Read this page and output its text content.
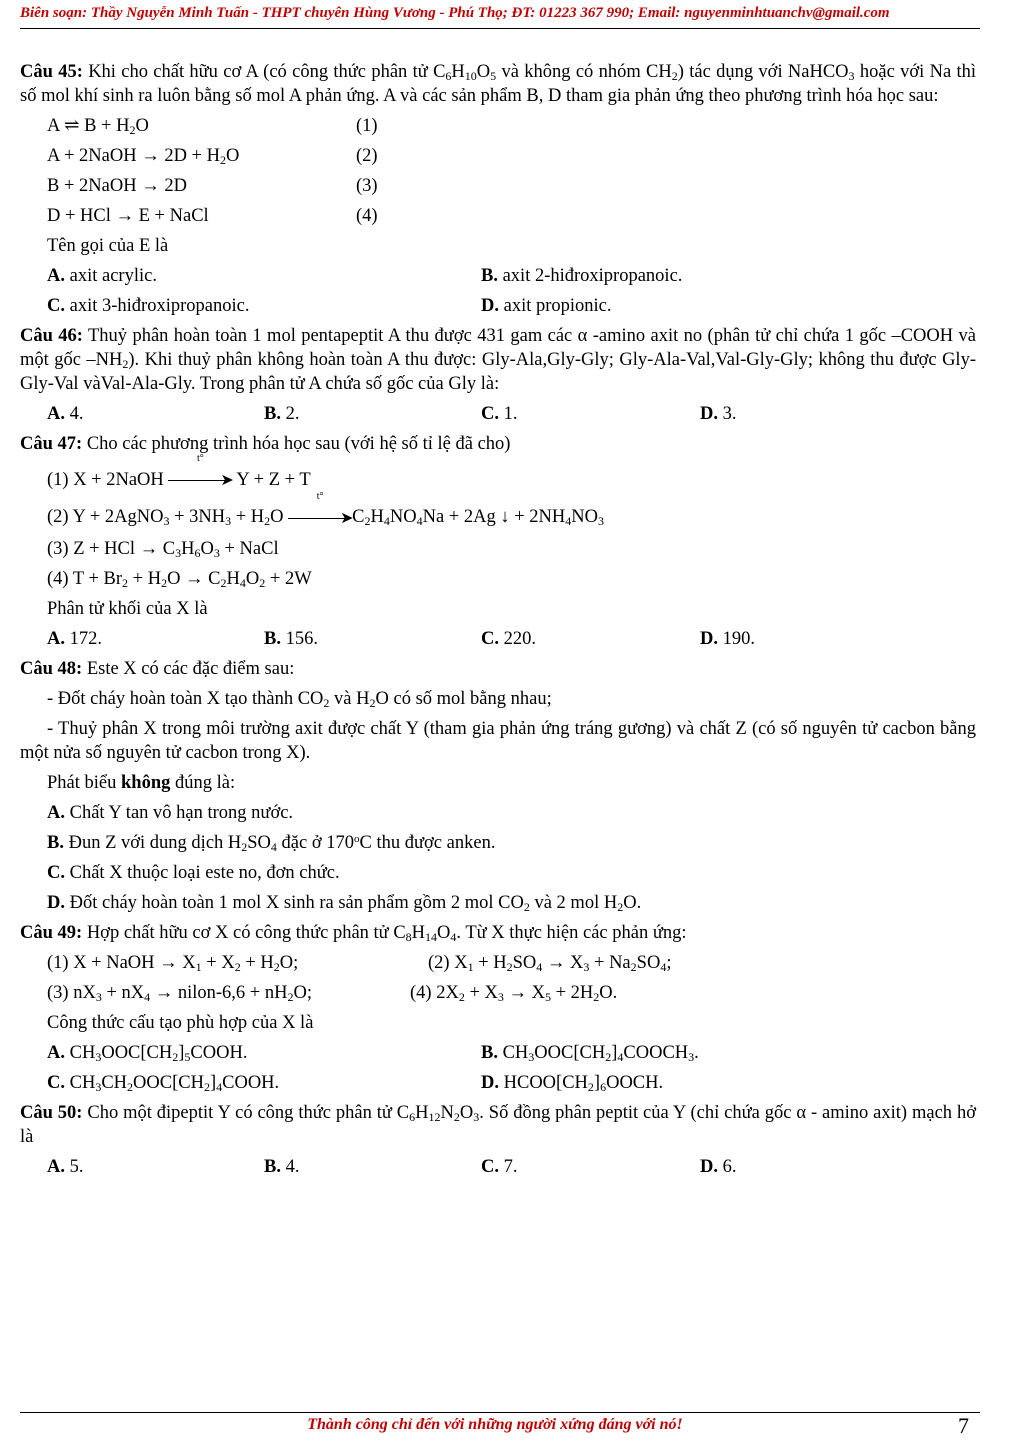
Biên soạn: Thầy Nguyễn Minh Tuấn - THPT chuyên Hùng Vương - Phú Thọ; ĐT: 01223 367 990; Email: nguyenminhtuanchv@gmail.com
Câu 45: Khi cho chất hữu cơ A (có công thức phân tử $C_6H_{10}O_5$ và không có nhóm $CH_2$) tác dụng với NaHCO$_3$ hoặc với Na thì số mol khí sinh ra luôn bằng số mol A phản ứng. A và các sản phẩm B, D tham gia phản ứng theo phương trình hóa học sau:
A ⇌ $B + H_2O$	(1)
A + 2NaOH → $2D + H_2O$	(2)
B + 2NaOH → 2D	(3)
D + HCl → E + NaCl	(4)
Tên gọi của E là
A. axit acrylic.	B. axit 2-hiđroxipropanoic.
C. axit 3-hiđroxipropanoic.	D. axit propionic.
Câu 46: Thuỷ phân hoàn toàn 1 mol pentapeptit A thu được 431 gam các α -amino axit no (phân tử chỉ chứa 1 gốc –COOH và một gốc $-NH_2$). Khi thuỷ phân không hoàn toàn A thu được: Gly-Ala,Gly-Gly; Gly-Ala-Val,Val-Gly-Gly; không thu được Gly-Gly-Val vàVal-Ala-Gly. Trong phân tử A chứa số gốc của Gly là:
A. 4.	B. 2.	C. 1.	D. 3.
Câu 47: Cho các phương trình hóa học sau (với hệ số tỉ lệ đã cho)
(1) X + 2NaOH
t°
➤ Y + Z + T
(2) Y + 2AgNO$_3$ + $3NH_3 + H_2O$
t°
$➤C_2H_4NO_4Na + 2Ag$ ↓ + $2NH_4NO_3$
(3) Z + HCl → $C_3H_6O_3$ + NaCl
(4) $T + Br_2 + H_2O \to C_2H_4O_2 + 2W$
Phân tử khối của X là
A. 172.	B. 156.	C. 220.	D. 190.
Câu 48: Este X có các đặc điểm sau:
- Đốt cháy hoàn toàn X tạo thành $CO_2$ và $H_2O$ có số mol bằng nhau;
- Thuỷ phân X trong môi trường axit được chất Y (tham gia phản ứng tráng gương) và chất Z (có số nguyên tử cacbon bằng một nửa số nguyên tử cacbon trong X).
Phát biểu không đúng là:
A. Chất Y tan vô hạn trong nước.
B. Đun Z với dung dịch $H_2SO_4$ đặc ở 170$^o$C thu được anken.
C. Chất X thuộc loại este no, đơn chức.
D. Đốt cháy hoàn toàn 1 mol X sinh ra sản phẩm gồm 2 mol $CO_2$ và 2 mol $H_2O$.
Câu 49: Hợp chất hữu cơ X có công thức phân tử $C_8H_{14}O_4$. Từ X thực hiện các phản ứng:
(1) X + NaOH → $X_1 + X_2 + H_2O$;	(2) $X_1 + H_2SO_4 \to X_3 + Na_2SO_4$;
(3) $nX_3 + nX_4$ → nilon-6,6 + $nH_2O$;	(4) $2X_2 + X_3 \to X_5 + 2H_2O$.
Công thức cấu tạo phù hợp của X là
A. $CH_3OOC[CH_2]_5COOH$.	B. $CH_3OOC[CH_2]_4COOCH_3$.
C. $CH_3CH_2OOC[CH_2]_4COOH$.	D. $HCOO[CH_2]_6OOCH$.
Câu 50: Cho một đipeptit Y có công thức phân tử $C_6H_{12}N_2O_3$. Số đồng phân peptit của Y (chỉ chứa gốc α - amino axit) mạch hở là
A. 5.	B. 4.	C. 7.	D. 6.
Thành công chỉ đến với những người xứng đáng với nó!	7
